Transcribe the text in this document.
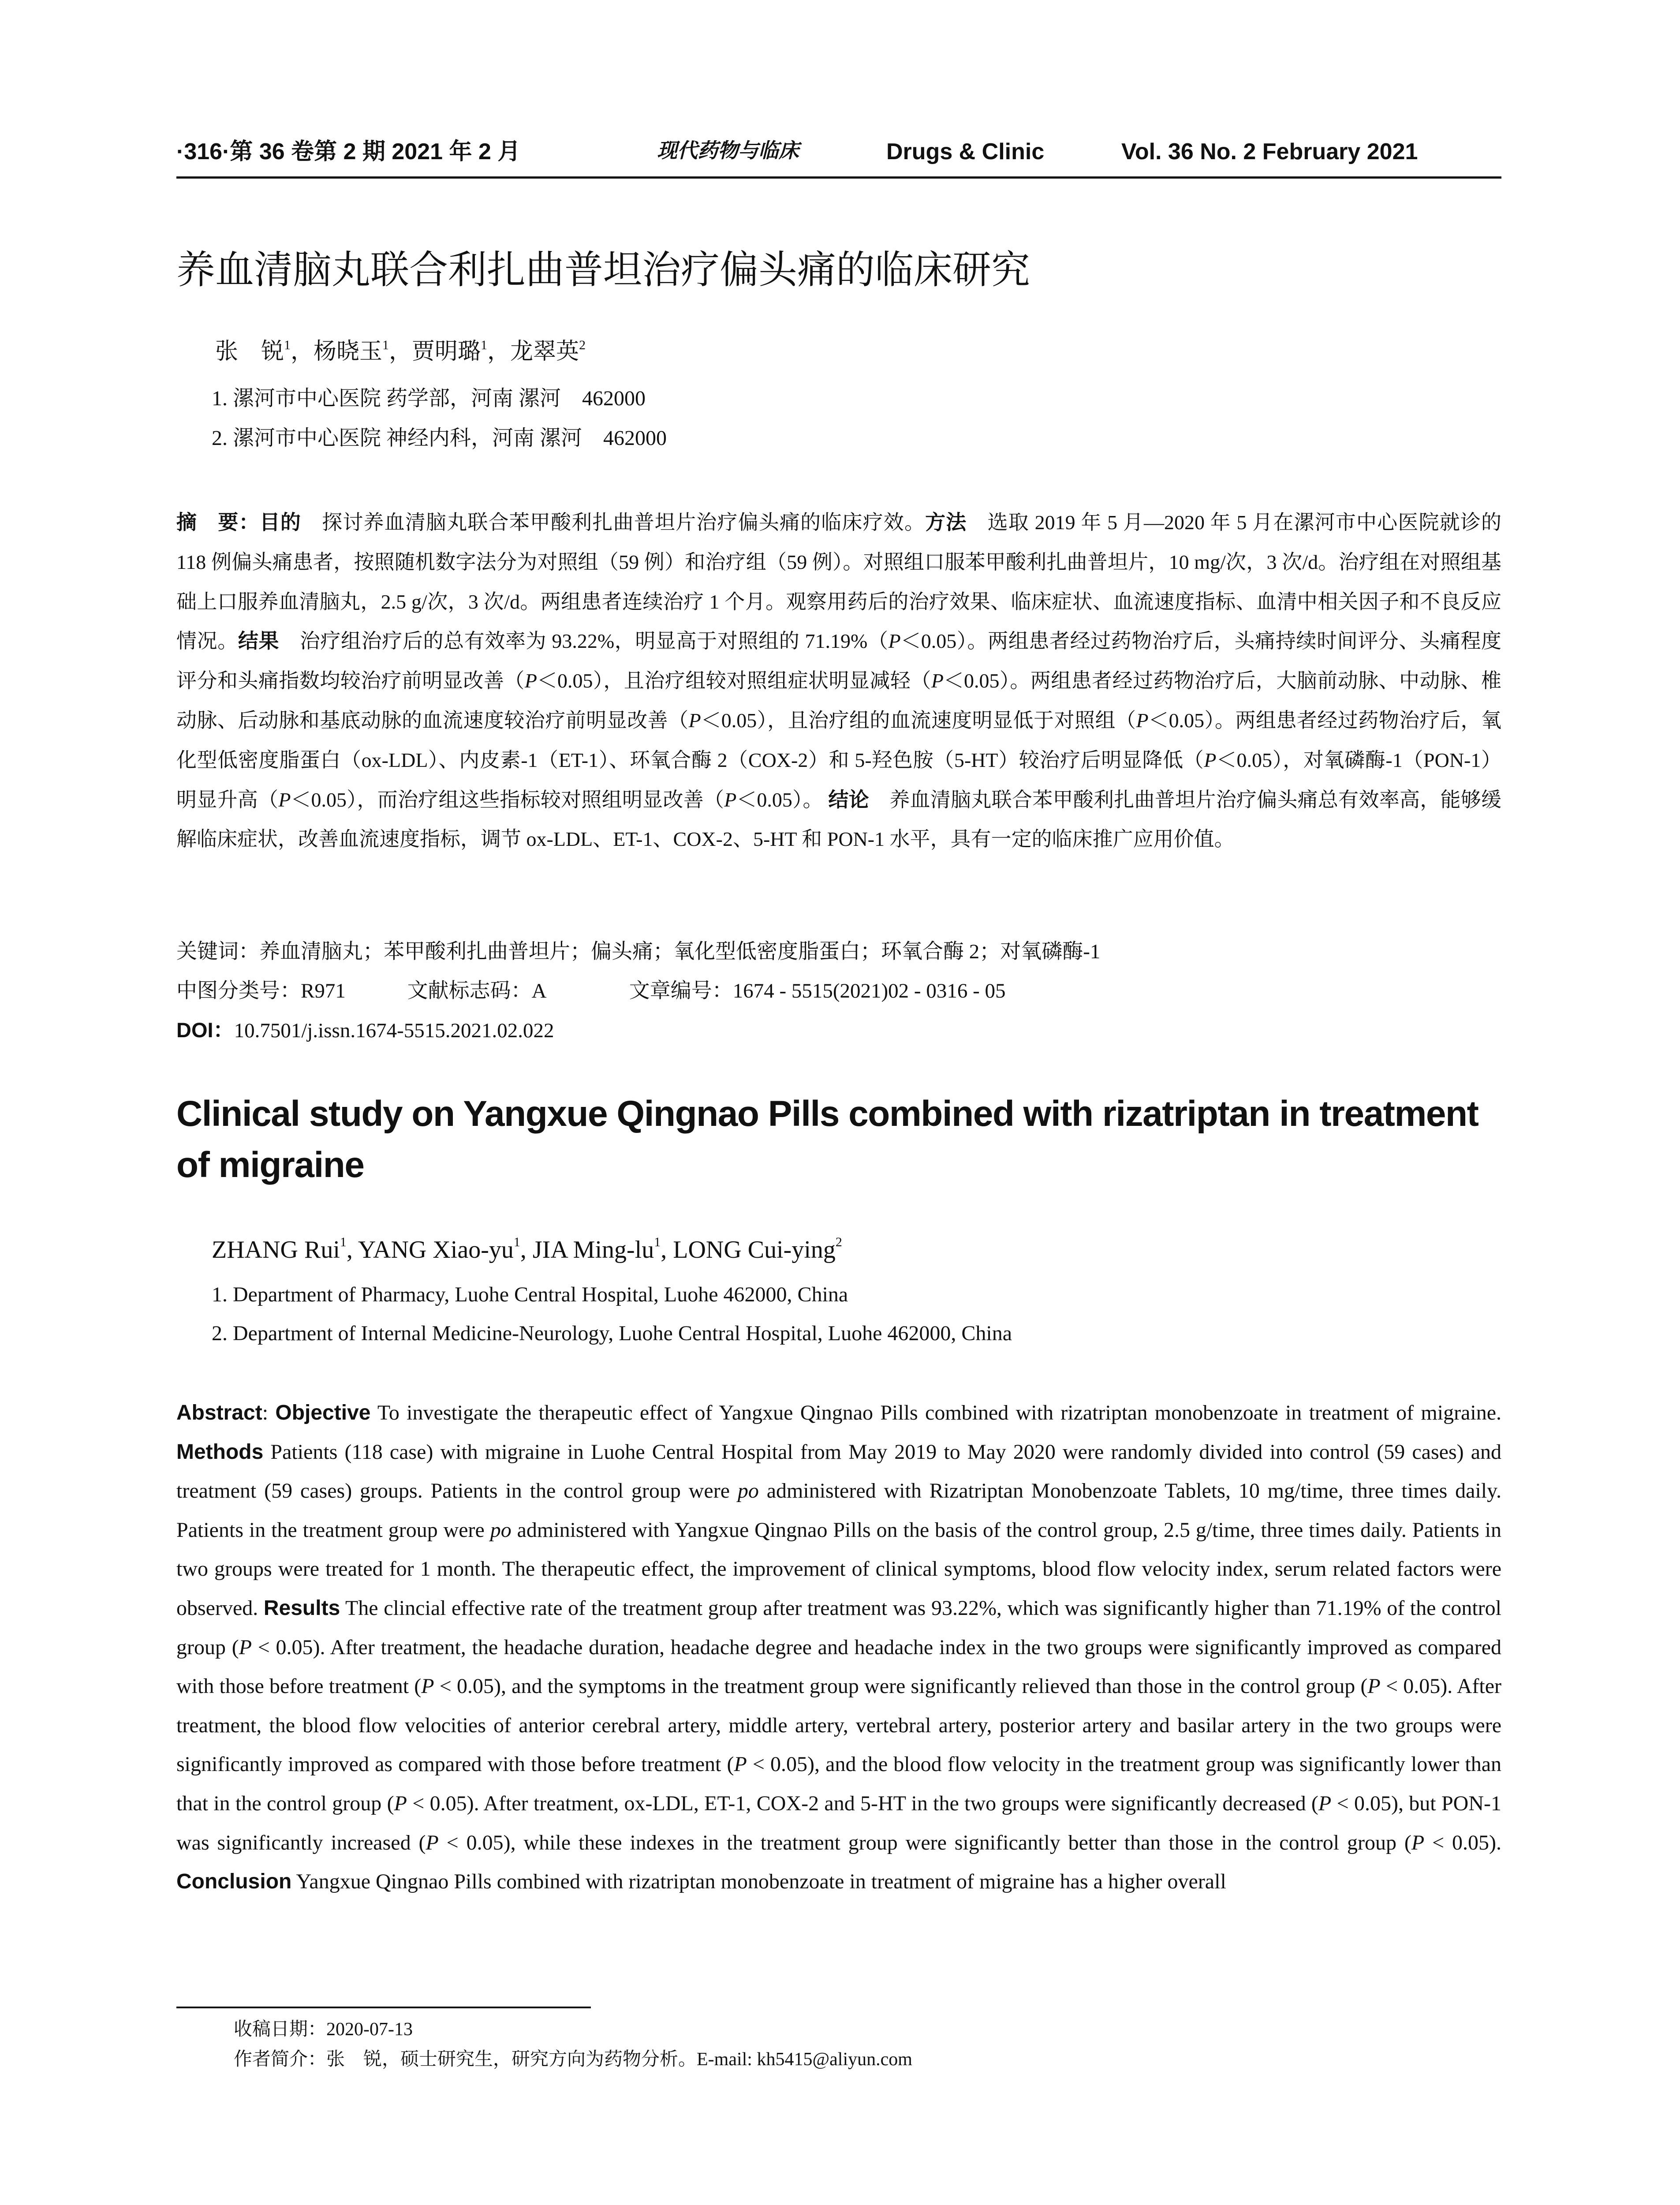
·316·第 36 卷第 2 期 2021 年 2 月	现代药物与临床	Drugs & Clinic	Vol. 36 No. 2 February 2021
养血清脑丸联合利扎曲普坦治疗偏头痛的临床研究
张　锐$^1$，杨晓玉$^1$，贾明璐$^1$，龙翠英$^2$
1. 漯河市中心医院 药学部，河南 漯河　462000
2. 漯河市中心医院 神经内科，河南 漯河　462000

摘　要：目的　探讨养血清脑丸联合苯甲酸利扎曲普坦片治疗偏头痛的临床疗效。方法　选取 2019 年 5 月—2020 年 5 月在漯河市中心医院就诊的 118 例偏头痛患者，按照随机数字法分为对照组（59 例）和治疗组（59 例）。对照组口服苯甲酸利扎曲普坦片，10 mg/次，3 次/d。治疗组在对照组基础上口服养血清脑丸，2.5 g/次，3 次/d。两组患者连续治疗 1 个月。观察用药后的治疗效果、临床症状、血流速度指标、血清中相关因子和不良反应情况。结果　治疗组治疗后的总有效率为 93.22%，明显高于对照组的 71.19%（P＜0.05）。两组患者经过药物治疗后，头痛持续时间评分、头痛程度评分和头痛指数均较治疗前明显改善（P＜0.05），且治疗组较对照组症状明显减轻（P＜0.05）。两组患者经过药物治疗后，大脑前动脉、中动脉、椎动脉、后动脉和基底动脉的血流速度较治疗前明显改善（P＜0.05），且治疗组的血流速度明显低于对照组（P＜0.05）。两组患者经过药物治疗后，氧化型低密度脂蛋白（ox-LDL）、内皮素-1（ET-1）、环氧合酶 2（COX-2）和 5-羟色胺（5-HT）较治疗后明显降低（P＜0.05），对氧磷酶-1（PON-1）明显升高（P＜0.05），而治疗组这些指标较对照组明显改善（P＜0.05）。 结论　养血清脑丸联合苯甲酸利扎曲普坦片治疗偏头痛总有效率高，能够缓解临床症状，改善血流速度指标，调节 ox-LDL、ET-1、COX-2、5-HT 和 PON-1 水平，具有一定的临床推广应用价值。

关键词：养血清脑丸；苯甲酸利扎曲普坦片；偏头痛；氧化型低密度脂蛋白；环氧合酶 2；对氧磷酶-1
中图分类号：R971	文献标志码：A	文章编号：1674 - 5515(2021)02 - 0316 - 05
DOI：10.7501/j.issn.1674-5515.2021.02.022
Clinical study on Yangxue Qingnao Pills combined with rizatriptan in treatment of migraine
ZHANG Rui$^1$, YANG Xiao-$yu^1$, JIA Ming-$lu^1$, LONG Cui-ying$^2$
1. Department of Pharmacy, Luohe Central Hospital, Luohe 462000, China
2. Department of Internal Medicine-Neurology, Luohe Central Hospital, Luohe 462000, China

Abstract: Objective To investigate the therapeutic effect of Yangxue Qingnao Pills combined with rizatriptan monobenzoate in treatment of migraine. Methods Patients (118 case) with migraine in Luohe Central Hospital from May 2019 to May 2020 were randomly divided into control (59 cases) and treatment (59 cases) groups. Patients in the control group were po administered with Rizatriptan Monobenzoate Tablets, 10 mg/time, three times daily. Patients in the treatment group were po administered with Yangxue Qingnao Pills on the basis of the control group, 2.5 g/time, three times daily. Patients in two groups were treated for 1 month. The therapeutic effect, the improvement of clinical symptoms, blood flow velocity index, serum related factors were observed. Results The clincial effective rate of the treatment group after treatment was 93.22%, which was significantly higher than 71.19% of the control group (P < 0.05). After treatment, the headache duration, headache degree and headache index in the two groups were significantly improved as compared with those before treatment (P < 0.05), and the symptoms in the treatment group were significantly relieved than those in the control group (P < 0.05). After treatment, the blood flow velocities of anterior cerebral artery, middle artery, vertebral artery, posterior artery and basilar artery in the two groups were significantly improved as compared with those before treatment (P < 0.05), and the blood flow velocity in the treatment group was significantly lower than that in the control group (P < 0.05). After treatment, ox-LDL, ET-1, COX-2 and 5-HT in the two groups were significantly decreased (P < 0.05), but PON-1 was significantly increased (P < 0.05), while these indexes in the treatment group were significantly better than those in the control group (P < 0.05). Conclusion Yangxue Qingnao Pills combined with rizatriptan monobenzoate in treatment of migraine has a higher overall

收稿日期：2020-07-13
作者简介：张　锐，硕士研究生，研究方向为药物分析。E-mail: kh5415@aliyun.com
